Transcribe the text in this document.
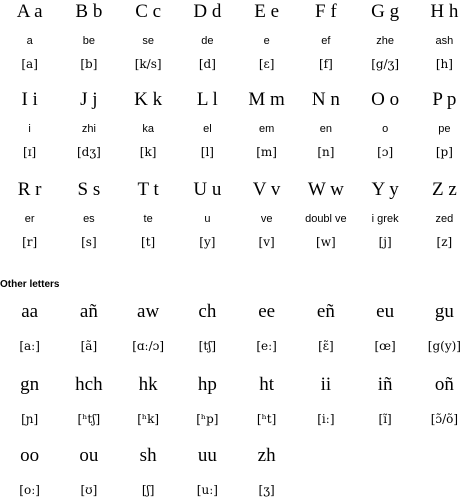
A a
a
[a]
B b
be
[b]
C c
se
[k/s]
D d
de
[d]
E e
e
[ɛ]
F f
ef
[f]
G g
zhe
[g/ʒ]
H h
ash
[h]
I i
i
[ɪ]
J j
zhi
[dʒ]
K k
ka
[k]
L l
el
[l]
M m
em
[m]
N n
en
[n]
O o
o
[ɔ]
P p
pe
[p]
R r
er
[r]
S s
es
[s]
T t
te
[t]
U u
u
[y]
V v
ve
[v]
W w
doubl ve
[w]
Y y
i grek
[j]
Z z
zed
[z]
Other letters
aa
[aː]
añ
[ã]
aw
[ɑː/ɔ]
ch
[tʃ]
ee
[eː]
eñ
[ɛ̃]
eu
[œ]
gu
[g(y)]
gn
[ɲ]
hch
[ʰtʃ]
hk
[ʰk]
hp
[ʰp]
ht
[ʰt]
ii
[iː]
iñ
[ĩ]
oñ
[ɔ̃/õ]
oo
[oː]
ou
[ʊ]
sh
[ʃ]
uu
[uː]
zh
[ʒ]
